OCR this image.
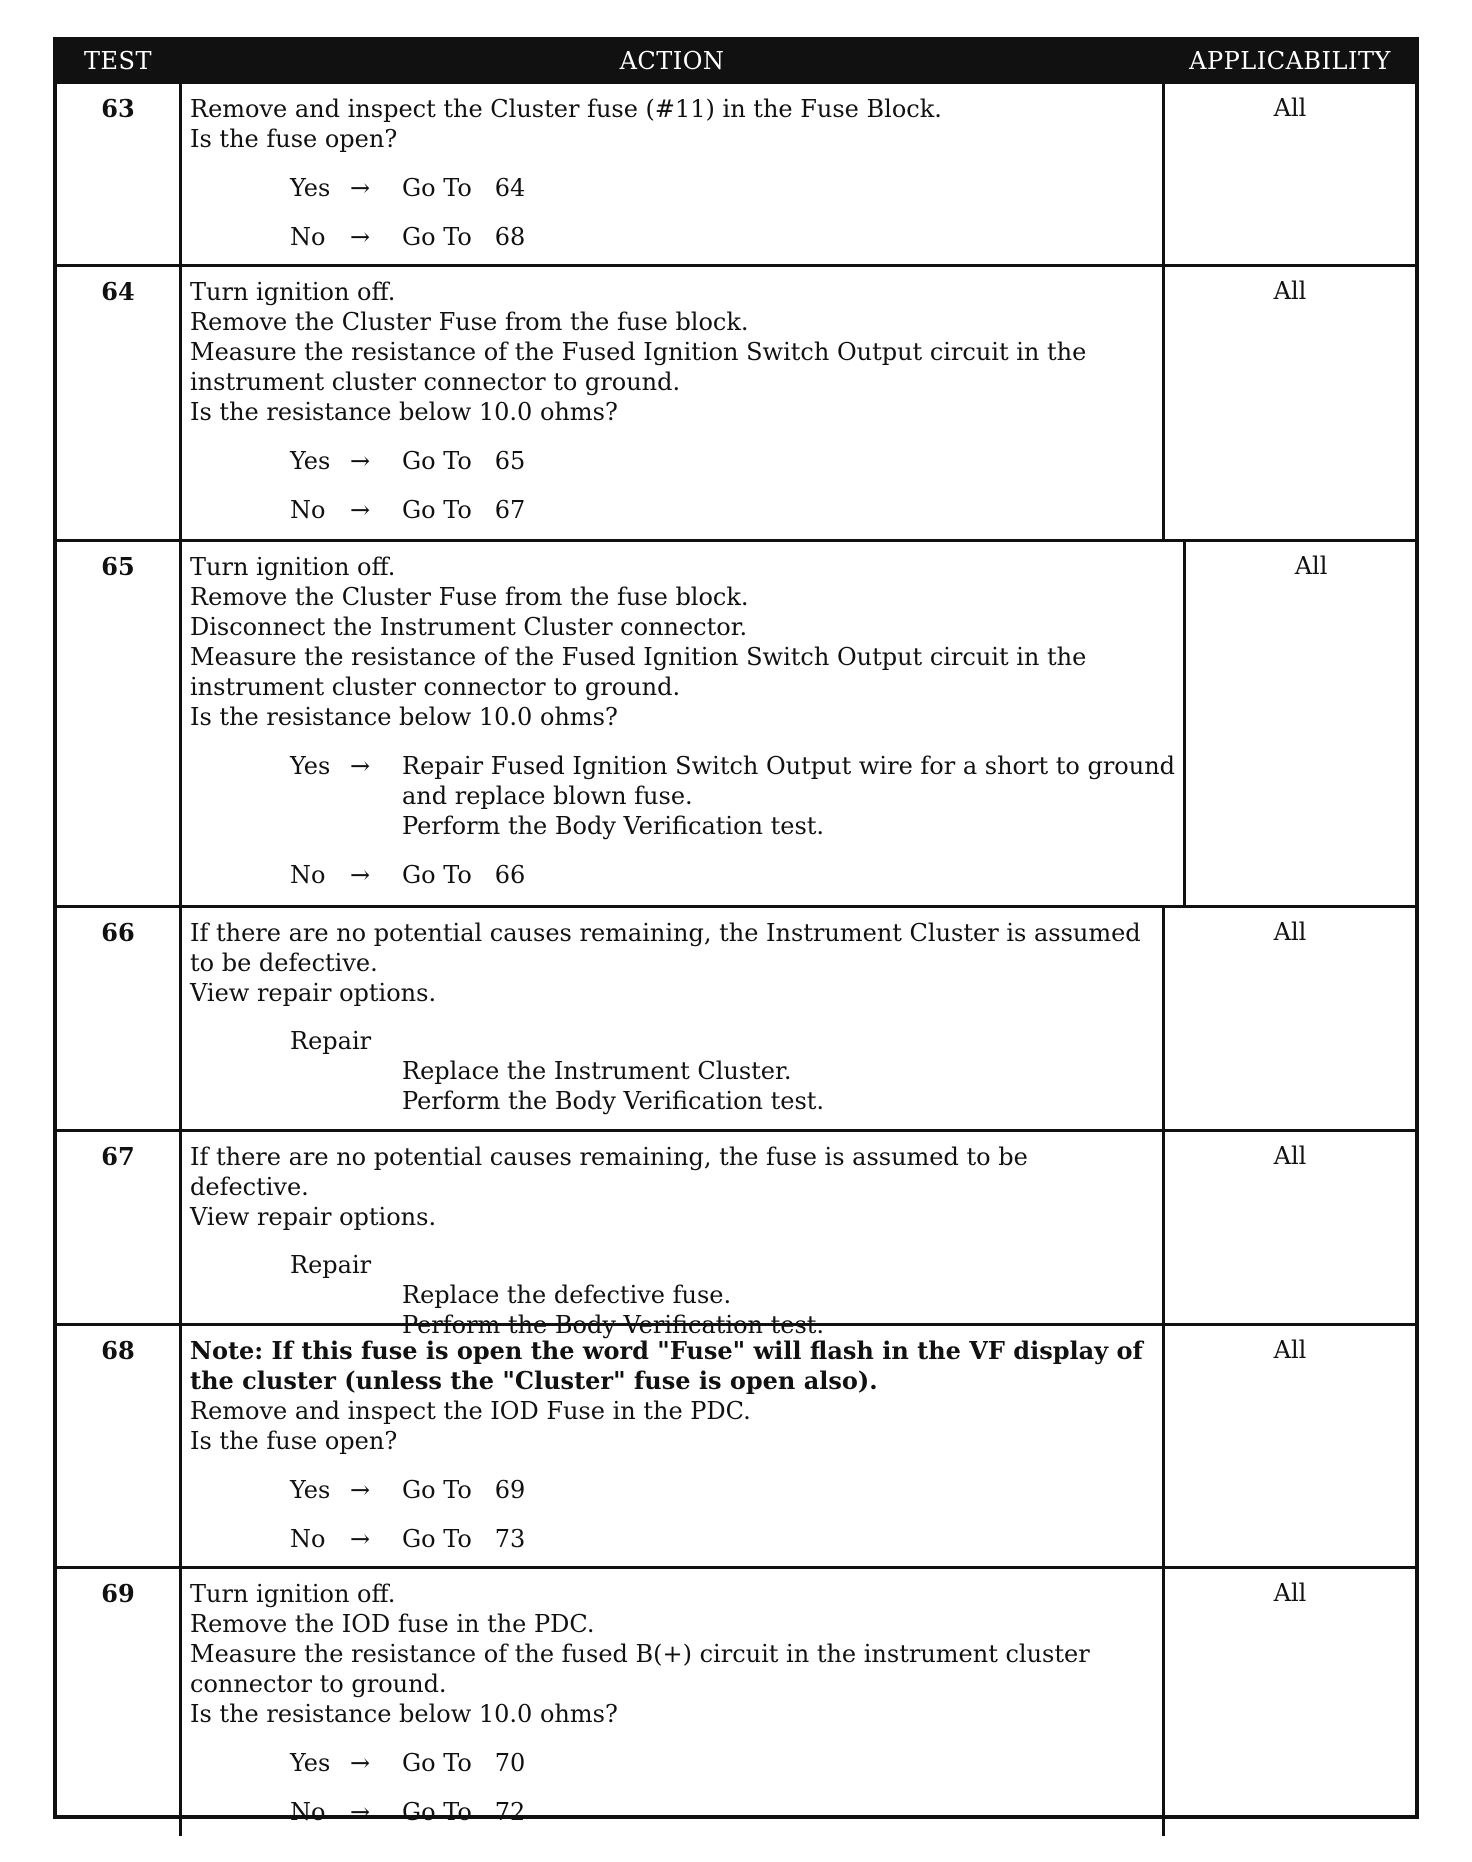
TEST	ACTION	APPLICABILITY
63	Remove and inspect the Cluster fuse (#11) in the Fuse Block.
Is the fuse open?
Yes →	Go To   64
No	→	Go To   68
All
64	Turn ignition off.
Remove the Cluster Fuse from the fuse block.
Measure the resistance of the Fused Ignition Switch Output circuit in the instrument cluster connector to ground.
Is the resistance below 10.0 ohms?
Yes →	Go To   65
No	→	Go To   67
All
65	Turn ignition off.
Remove the Cluster Fuse from the fuse block.
Disconnect the Instrument Cluster connector.
Measure the resistance of the Fused Ignition Switch Output circuit in the instrument cluster connector to ground.
Is the resistance below 10.0 ohms?
Yes →	Repair Fused Ignition Switch Output wire for a short to ground
and replace blown fuse.
Perform the Body Verification test.
No	→	Go To   66
All
66	If there are no potential causes remaining, the Instrument Cluster is assumed to be defective.
View repair options.
Repair
Replace the Instrument Cluster.
Perform the Body Verification test.
All
67	If there are no potential causes remaining, the fuse is assumed to be defective.
View repair options.
Repair
Replace the defective fuse.
Perform the Body Verification test.
All
68	Note: If this fuse is open the word "Fuse" will flash in the VF display of the cluster (unless the "Cluster" fuse is open also).
Remove and inspect the IOD Fuse in the PDC.
Is the fuse open?
Yes →	Go To   69
No	→	Go To   73
All
69	Turn ignition off.
Remove the IOD fuse in the PDC.
Measure the resistance of the fused B(+) circuit in the instrument cluster connector to ground.
Is the resistance below 10.0 ohms?
Yes →	Go To   70
No	→	Go To   72
All
